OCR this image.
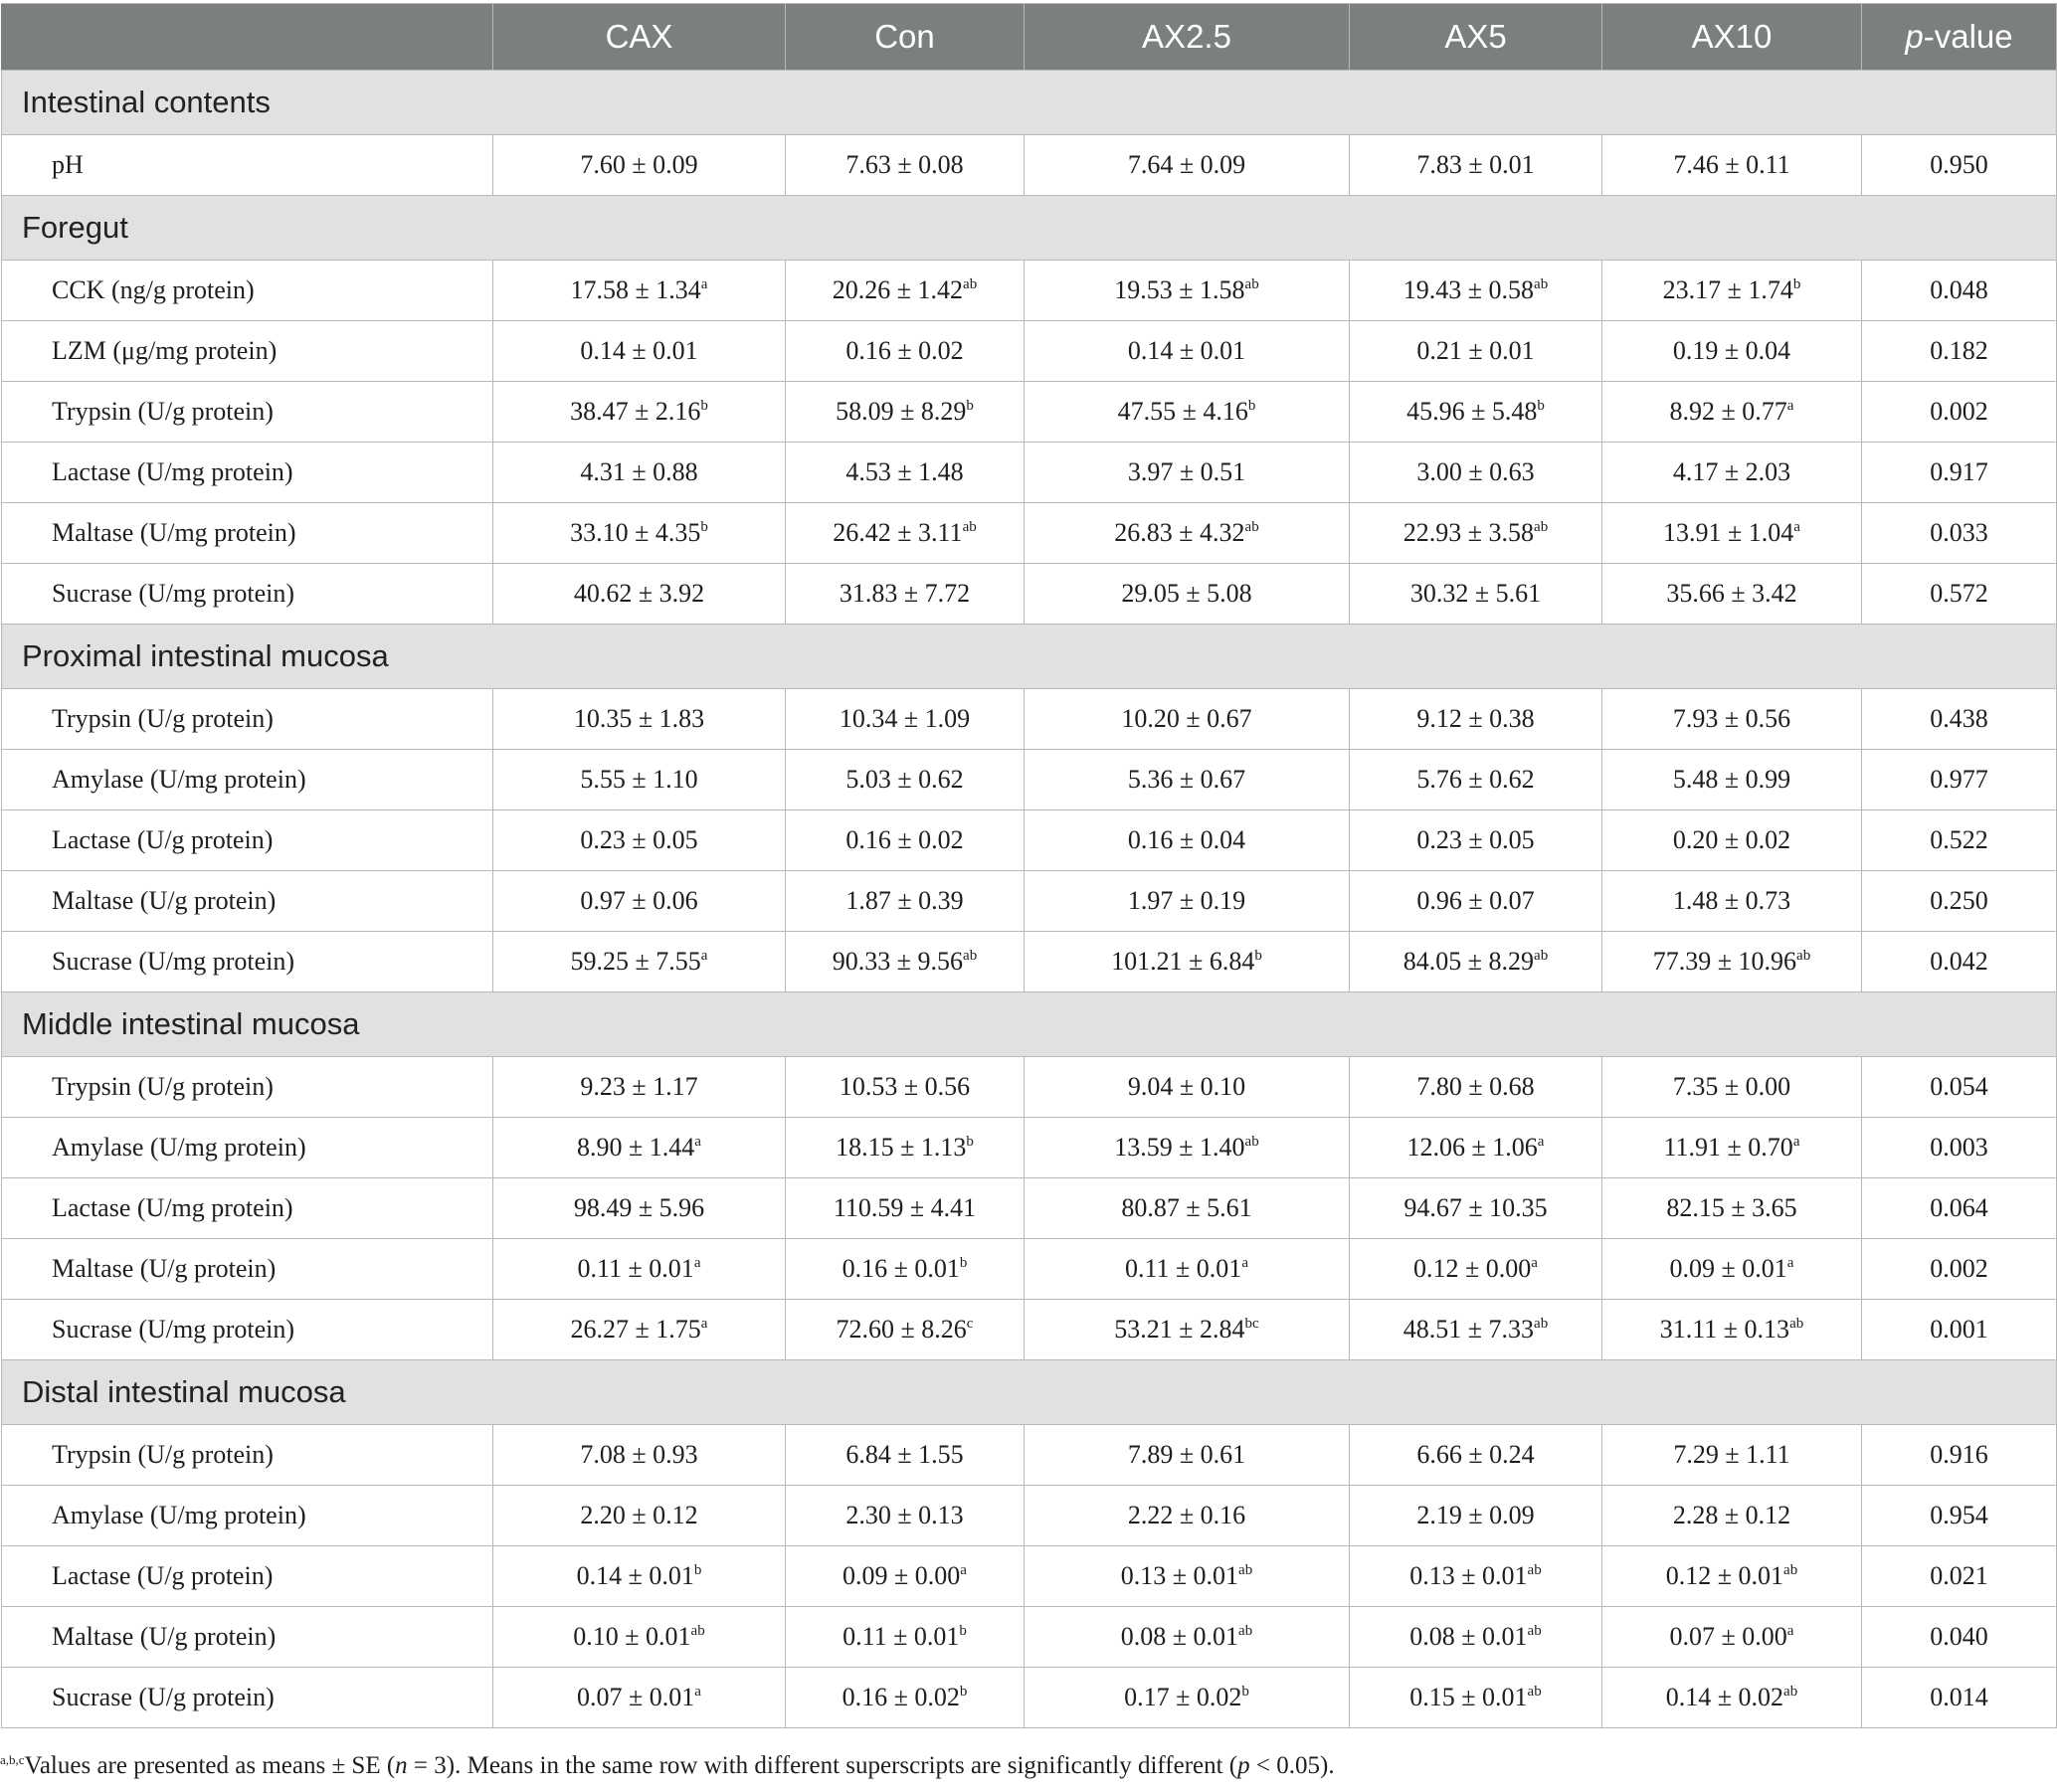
	CAX	Con	AX2.5	AX5	AX10	p-value
Intestinal contents						
pH	7.60 ± 0.09	7.63 ± 0.08	7.64 ± 0.09	7.83 ± 0.01	7.46 ± 0.11	0.950
Foregut						
CCK (ng/g protein)	17.58 ± 1.34$^a$	20.26 ± 1.42$^{ab}$	19.53 ± 1.58$^{ab}$	19.43 ± 0.58$^{ab}$	23.17 ± 1.74$^b$	0.048
LZM (μg/mg protein)	0.14 ± 0.01	0.16 ± 0.02	0.14 ± 0.01	0.21 ± 0.01	0.19 ± 0.04	0.182
Trypsin (U/g protein)	38.47 ± 2.16$^b$	58.09 ± 8.29$^b$	47.55 ± 4.16$^b$	45.96 ± 5.48$^b$	8.92 ± 0.77$^a$	0.002
Lactase (U/mg protein)	4.31 ± 0.88	4.53 ± 1.48	3.97 ± 0.51	3.00 ± 0.63	4.17 ± 2.03	0.917
Maltase (U/mg protein)	33.10 ± 4.35$^b$	26.42 ± 3.11$^{ab}$	26.83 ± 4.32$^{ab}$	22.93 ± 3.58$^{ab}$	13.91 ± 1.04$^a$	0.033
Sucrase (U/mg protein)	40.62 ± 3.92	31.83 ± 7.72	29.05 ± 5.08	30.32 ± 5.61	35.66 ± 3.42	0.572
Proximal intestinal mucosa						
Trypsin (U/g protein)	10.35 ± 1.83	10.34 ± 1.09	10.20 ± 0.67	9.12 ± 0.38	7.93 ± 0.56	0.438
Amylase (U/mg protein)	5.55 ± 1.10	5.03 ± 0.62	5.36 ± 0.67	5.76 ± 0.62	5.48 ± 0.99	0.977
Lactase (U/g protein)	0.23 ± 0.05	0.16 ± 0.02	0.16 ± 0.04	0.23 ± 0.05	0.20 ± 0.02	0.522
Maltase (U/g protein)	0.97 ± 0.06	1.87 ± 0.39	1.97 ± 0.19	0.96 ± 0.07	1.48 ± 0.73	0.250
Sucrase (U/mg protein)	59.25 ± 7.55$^a$	90.33 ± 9.56$^{ab}$	101.21 ± 6.84$^b$	84.05 ± 8.29$^{ab}$	77.39 ± 10.96$^{ab}$	0.042
Middle intestinal mucosa						
Trypsin (U/g protein)	9.23 ± 1.17	10.53 ± 0.56	9.04 ± 0.10	7.80 ± 0.68	7.35 ± 0.00	0.054
Amylase (U/mg protein)	8.90 ± 1.44$^a$	18.15 ± 1.13$^b$	13.59 ± 1.40$^{ab}$	12.06 ± 1.06$^a$	11.91 ± 0.70$^a$	0.003
Lactase (U/mg protein)	98.49 ± 5.96	110.59 ± 4.41	80.87 ± 5.61	94.67 ± 10.35	82.15 ± 3.65	0.064
Maltase (U/g protein)	0.11 ± 0.01$^a$	0.16 ± 0.01$^b$	0.11 ± 0.01$^a$	0.12 ± 0.00$^a$	0.09 ± 0.01$^a$	0.002
Sucrase (U/mg protein)	26.27 ± 1.75$^a$	72.60 ± 8.26$^c$	53.21 ± 2.84$^{bc}$	48.51 ± 7.33$^{ab}$	31.11 ± 0.13$^{ab}$	0.001
Distal intestinal mucosa						
Trypsin (U/g protein)	7.08 ± 0.93	6.84 ± 1.55	7.89 ± 0.61	6.66 ± 0.24	7.29 ± 1.11	0.916
Amylase (U/mg protein)	2.20 ± 0.12	2.30 ± 0.13	2.22 ± 0.16	2.19 ± 0.09	2.28 ± 0.12	0.954
Lactase (U/g protein)	0.14 ± 0.01$^b$	0.09 ± 0.00$^a$	0.13 ± 0.01$^{ab}$	0.13 ± 0.01$^{ab}$	0.12 ± 0.01$^{ab}$	0.021
Maltase (U/g protein)	0.10 ± 0.01$^{ab}$	0.11 ± 0.01$^b$	0.08 ± 0.01$^{ab}$	0.08 ± 0.01$^{ab}$	0.07 ± 0.00$^a$	0.040
Sucrase (U/g protein)	0.07 ± 0.01$^a$	0.16 ± 0.02$^b$	0.17 ± 0.02$^b$	0.15 ± 0.01$^{ab}$	0.14 ± 0.02$^{ab}$	0.014
$^{a,b,c}$Values are presented as means ± SE (n = 3). Means in the same row with different superscripts are significantly different (p < 0.05).
